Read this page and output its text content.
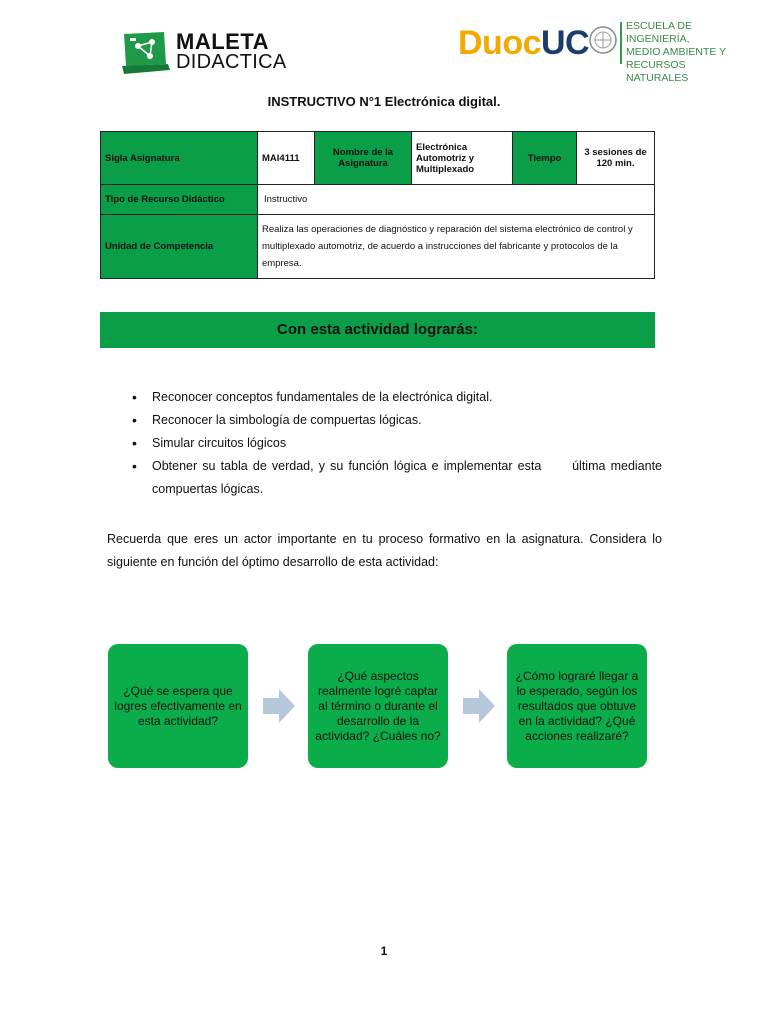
MALETA
DIDACTICA	DuocUC	ESCUELA DE INGENIERÍA,
MEDIO AMBIENTE Y
RECURSOS NATURALES
INSTRUCTIVO N°1 Electrónica digital.
Sigla Asignatura	MAI4111	Nombre de la Asignatura	Electrónica Automotriz y Multiplexado	Tiempo	3 sesiones de 120 min.
Tipo de Recurso Didáctico	Instructivo				
Unidad de Competencia	Realiza las operaciones de diagnóstico y reparación del sistema electrónico de control y multiplexado automotriz, de acuerdo a instrucciones del fabricante y protocolos de la empresa.				
Con esta actividad lograrás:
• Reconocer conceptos fundamentales de la electrónica digital.
• Reconocer la simbología de compuertas lógicas.
• Simular circuitos lógicos
• Obtener su tabla de verdad, y su función lógica e implementar esta      última mediante
compuertas lógicas.
Recuerda que eres un actor importante en tu proceso formativo en la asignatura. Considera lo siguiente en función del óptimo desarrollo de esta actividad:
¿Qué se espera que logres efectivamente en esta actividad?
¿Qué aspectos realmente logré captar al término o durante el desarrollo de la actividad? ¿Cuáles no?
¿Cómo lograré llegar a lo esperado, según los resultados que obtuve en la actividad? ¿Qué acciones realizaré?
1
